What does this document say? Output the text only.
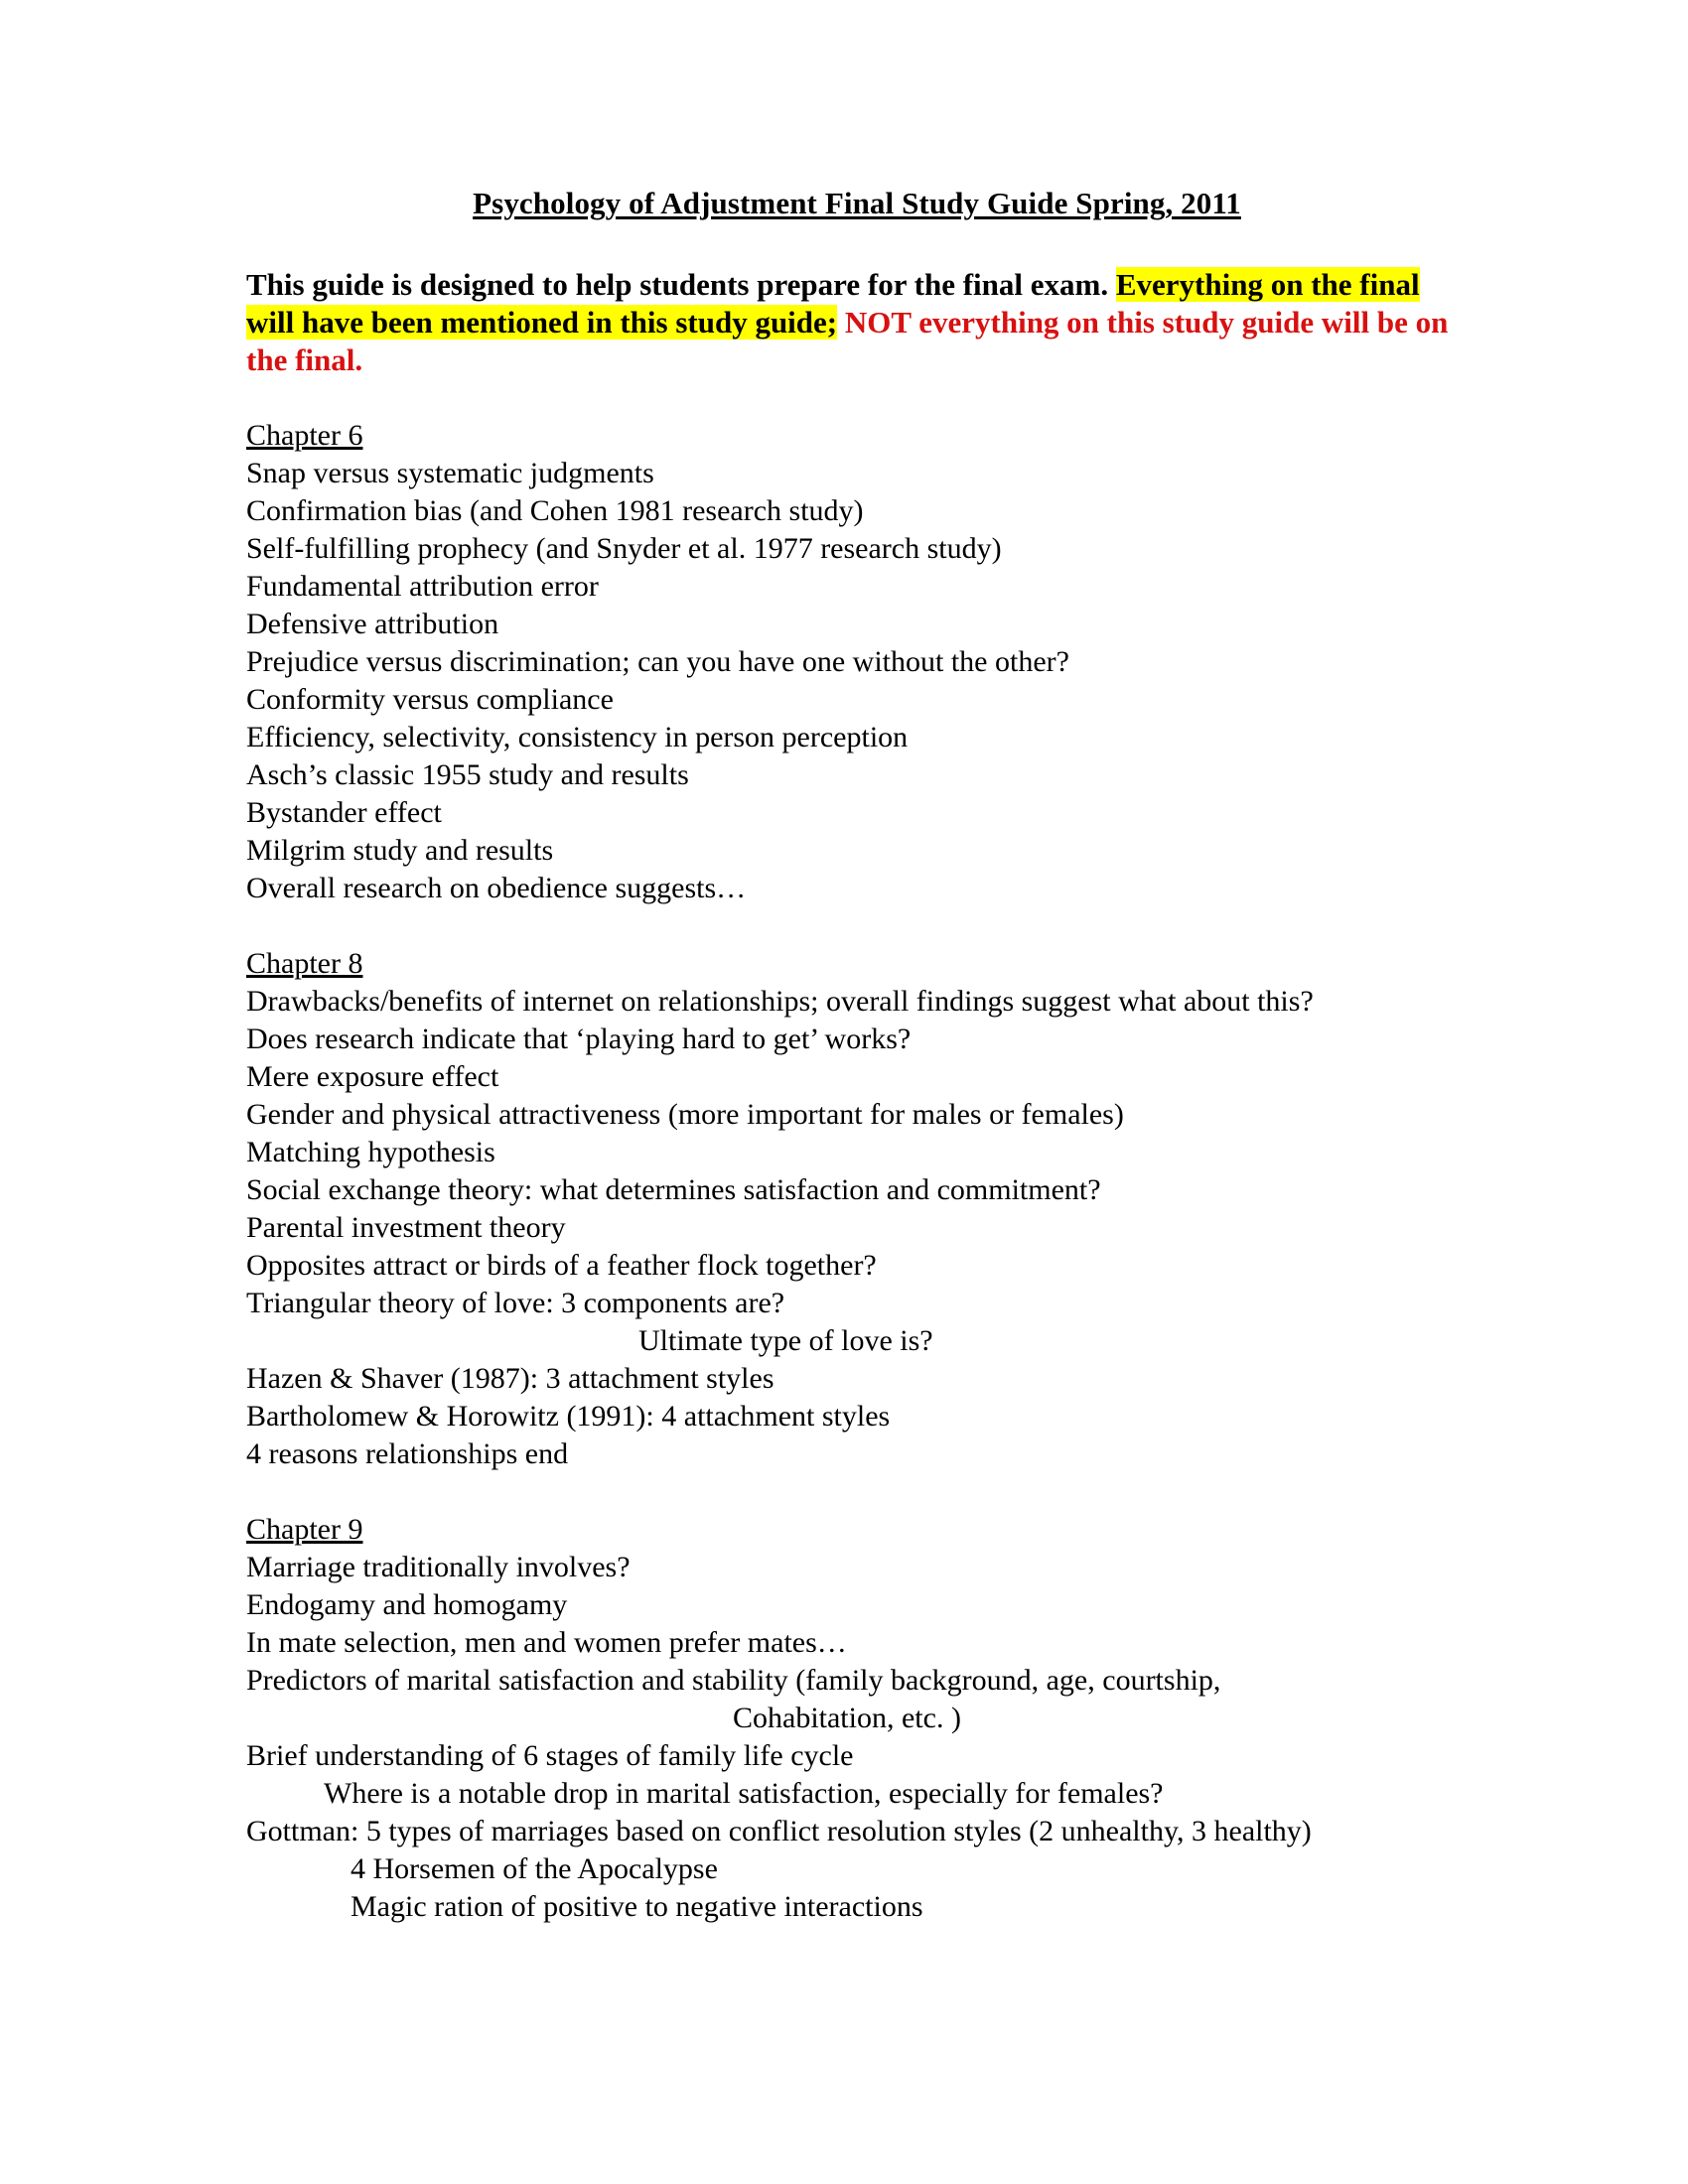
Psychology of Adjustment Final Study Guide Spring, 2011

This guide is designed to help students prepare for the final exam. Everything on the final will have been mentioned in this study guide; NOT everything on this study guide will be on the final.

Chapter 6
Snap versus systematic judgments
Confirmation bias (and Cohen 1981 research study)
Self-fulfilling prophecy (and Snyder et al. 1977 research study)
Fundamental attribution error
Defensive attribution
Prejudice versus discrimination; can you have one without the other?
Conformity versus compliance
Efficiency, selectivity, consistency in person perception
Asch’s classic 1955 study and results
Bystander effect
Milgrim study and results
Overall research on obedience suggests…
Chapter 8
Drawbacks/benefits of internet on relationships; overall findings suggest what about this?
Does research indicate that ‘playing hard to get’ works?
Mere exposure effect
Gender and physical attractiveness (more important for males or females)
Matching hypothesis
Social exchange theory: what determines satisfaction and commitment?
Parental investment theory
Opposites attract or birds of a feather flock together?
Triangular theory of love: 3 components are?
Ultimate type of love is?
Hazen & Shaver (1987): 3 attachment styles
Bartholomew & Horowitz (1991): 4 attachment styles
4 reasons relationships end
Chapter 9
Marriage traditionally involves?
Endogamy and homogamy
In mate selection, men and women prefer mates…
Predictors of marital satisfaction and stability (family background, age, courtship,
Cohabitation, etc. )
Brief understanding of 6 stages of family life cycle
Where is a notable drop in marital satisfaction, especially for females?
Gottman: 5 types of marriages based on conflict resolution styles (2 unhealthy, 3 healthy)
4 Horsemen of the Apocalypse
Magic ration of positive to negative interactions
